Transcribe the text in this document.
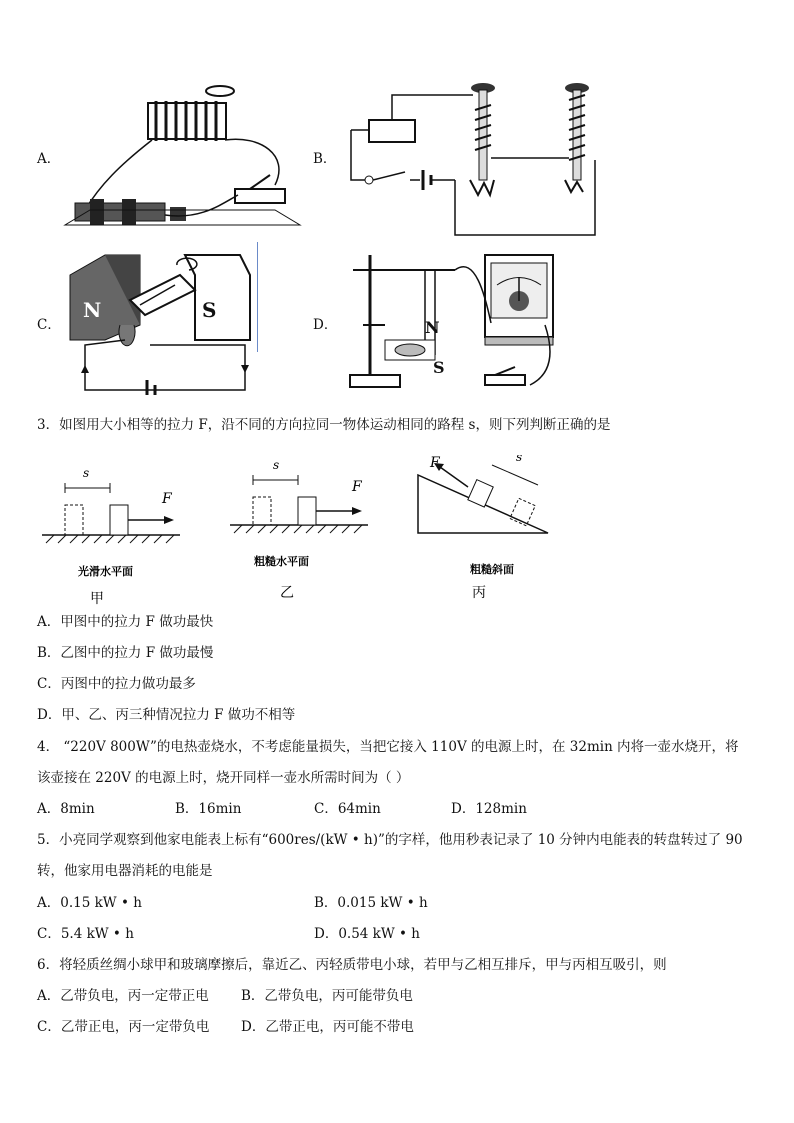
A．	B．
C．	D．
N	S
N
S
3．如图用大小相等的拉力 F，沿不同的方向拉同一物体运动相同的路程 s，则下列判断正确的是
s
F
光滑水平面
甲
s
F
粗糙水平面
乙
F	s
粗糙斜面
丙
A．甲图中的拉力 F 做功最快
B．乙图中的拉力 F 做功最慢
C．丙图中的拉力做功最多
D．甲、乙、丙三种情况拉力 F 做功不相等
4． “220V 800W”的电热壶烧水，不考虑能量损失，当把它接入 110V 的电源上时，在 32min 内将一壶水烧开，将
该壶接在 220V 的电源上时，烧开同样一壶水所需时间为（ ）
A．8min	B．16min	C．64min	D．128min
5．小亮同学观察到他家电能表上标有“600res/(kW • h)”的字样，他用秒表记录了 10 分钟内电能表的转盘转过了 90
转，他家用电器消耗的电能是
A．0.15 kW • h	B．0.015 kW • h
C．5.4 kW • h	D．0.54 kW • h
6．将轻质丝绸小球甲和玻璃摩擦后，靠近乙、丙轻质带电小球，若甲与乙相互排斥，甲与丙相互吸引，则
A．乙带负电，丙一定带正电 B．乙带负电，丙可能带负电
C．乙带正电，丙一定带负电 D．乙带正电，丙可能不带电
